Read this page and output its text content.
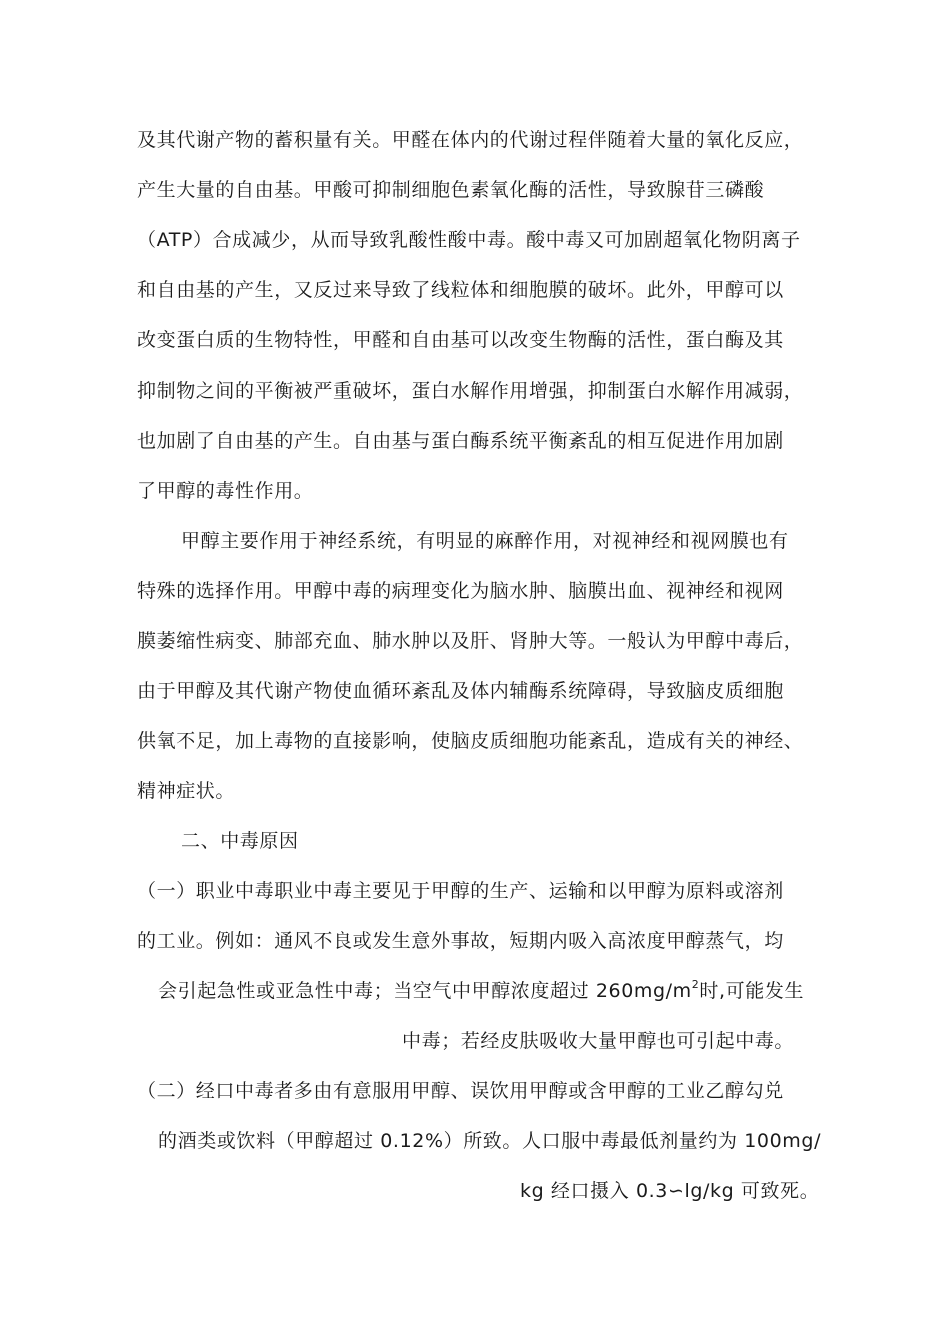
及其代谢产物的蓄积量有关。甲醛在体内的代谢过程伴随着大量的氧化反应，
产生大量的自由基。甲酸可抑制细胞色素氧化酶的活性，导致腺苷三磷酸
（ATP）合成减少，从而导致乳酸性酸中毒。酸中毒又可加剧超氧化物阴离子
和自由基的产生，又反过来导致了线粒体和细胞膜的破坏。此外，甲醇可以
改变蛋白质的生物特性，甲醛和自由基可以改变生物酶的活性，蛋白酶及其
抑制物之间的平衡被严重破坏，蛋白水解作用增强，抑制蛋白水解作用减弱，
也加剧了自由基的产生。自由基与蛋白酶系统平衡紊乱的相互促进作用加剧
了甲醇的毒性作用。
甲醇主要作用于神经系统，有明显的麻醉作用，对视神经和视网膜也有
特殊的选择作用。甲醇中毒的病理变化为脑水肿、脑膜出血、视神经和视网
膜萎缩性病变、肺部充血、肺水肿以及肝、肾肿大等。一般认为甲醇中毒后，
由于甲醇及其代谢产物使血循环紊乱及体内辅酶系统障碍，导致脑皮质细胞
供氧不足，加上毒物的直接影响，使脑皮质细胞功能紊乱，造成有关的神经、
精神症状。
二、中毒原因
（一）职业中毒职业中毒主要见于甲醇的生产、运输和以甲醇为原料或溶剂
的工业。例如：通风不良或发生意外事故，短期内吸入高浓度甲醇蒸气，均
会引起急性或亚急性中毒；当空气中甲醇浓度超过 $260mg/m^2$时,可能发生
中毒；若经皮肤吸收大量甲醇也可引起中毒。
（二）经口中毒者多由有意服用甲醇、误饮用甲醇或含甲醇的工业乙醇勾兑
的酒类或饮料（甲醇超过 0.12%）所致。人口服中毒最低剂量约为 100mg/
kg 经口摄入 0.3∽lg/kg 可致死。
